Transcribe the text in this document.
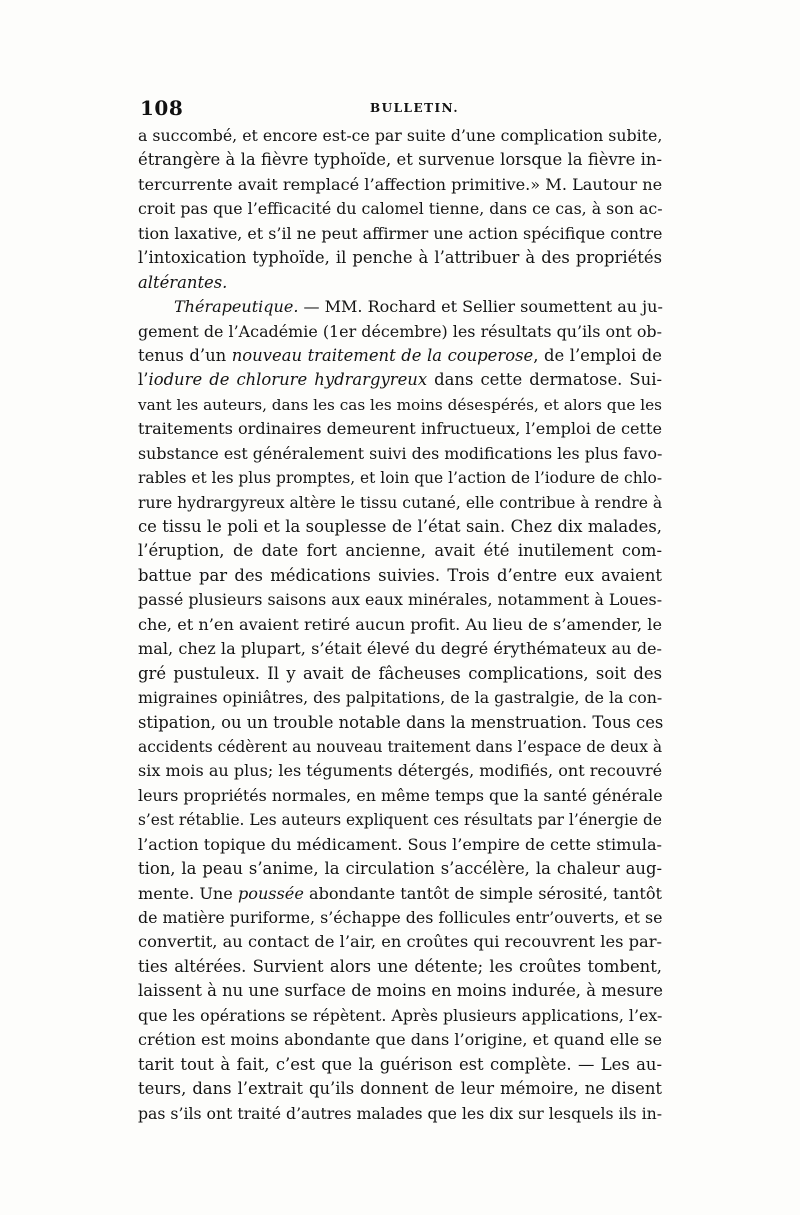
108	BULLETIN.
a succombé, et encore est-ce par suite d’une complication subite,
étrangère à la fièvre typhoïde, et survenue lorsque la fièvre in-
tercurrente avait remplacé l’affection primitive.» M. Lautour ne
croit pas que l’efficacité du calomel tienne, dans ce cas, à son ac-
tion laxative, et s’il ne peut affirmer une action spécifique contre
l’intoxication typhoïde, il penche à l’attribuer à des propriétés
altérantes.
Thérapeutique. — MM. Rochard et Sellier soumettent au ju-
gement de l’Académie (1er décembre) les résultats qu’ils ont ob-
tenus d’un nouveau traitement de la couperose, de l’emploi de
l’iodure de chlorure hydrargyreux dans cette dermatose. Sui-
vant les auteurs, dans les cas les moins désespérés, et alors que les
traitements ordinaires demeurent infructueux, l’emploi de cette
substance est généralement suivi des modifications les plus favo-
rables et les plus promptes, et loin que l’action de l’iodure de chlo-
rure hydrargyreux altère le tissu cutané, elle contribue à rendre à
ce tissu le poli et la souplesse de l’état sain. Chez dix malades,
l’éruption, de date fort ancienne, avait été inutilement com-
battue par des médications suivies. Trois d’entre eux avaient
passé plusieurs saisons aux eaux minérales, notamment à Loues-
che, et n’en avaient retiré aucun profit. Au lieu de s’amender, le
mal, chez la plupart, s’était élevé du degré érythémateux au de-
gré pustuleux. Il y avait de fâcheuses complications, soit des
migraines opiniâtres, des palpitations, de la gastralgie, de la con-
stipation, ou un trouble notable dans la menstruation. Tous ces
accidents cédèrent au nouveau traitement dans l’espace de deux à
six mois au plus; les téguments détergés, modifiés, ont recouvré
leurs propriétés normales, en même temps que la santé générale
s’est rétablie. Les auteurs expliquent ces résultats par l’énergie de
l’action topique du médicament. Sous l’empire de cette stimula-
tion, la peau s’anime, la circulation s’accélère, la chaleur aug-
mente. Une poussée abondante tantôt de simple sérosité, tantôt
de matière puriforme, s’échappe des follicules entr’ouverts, et se
convertit, au contact de l’air, en croûtes qui recouvrent les par-
ties altérées. Survient alors une détente; les croûtes tombent,
laissent à nu une surface de moins en moins indurée, à mesure
que les opérations se répètent. Après plusieurs applications, l’ex-
crétion est moins abondante que dans l’origine, et quand elle se
tarit tout à fait, c’est que la guérison est complète. — Les au-
teurs, dans l’extrait qu’ils donnent de leur mémoire, ne disent
pas s’ils ont traité d’autres malades que les dix sur lesquels ils in-
